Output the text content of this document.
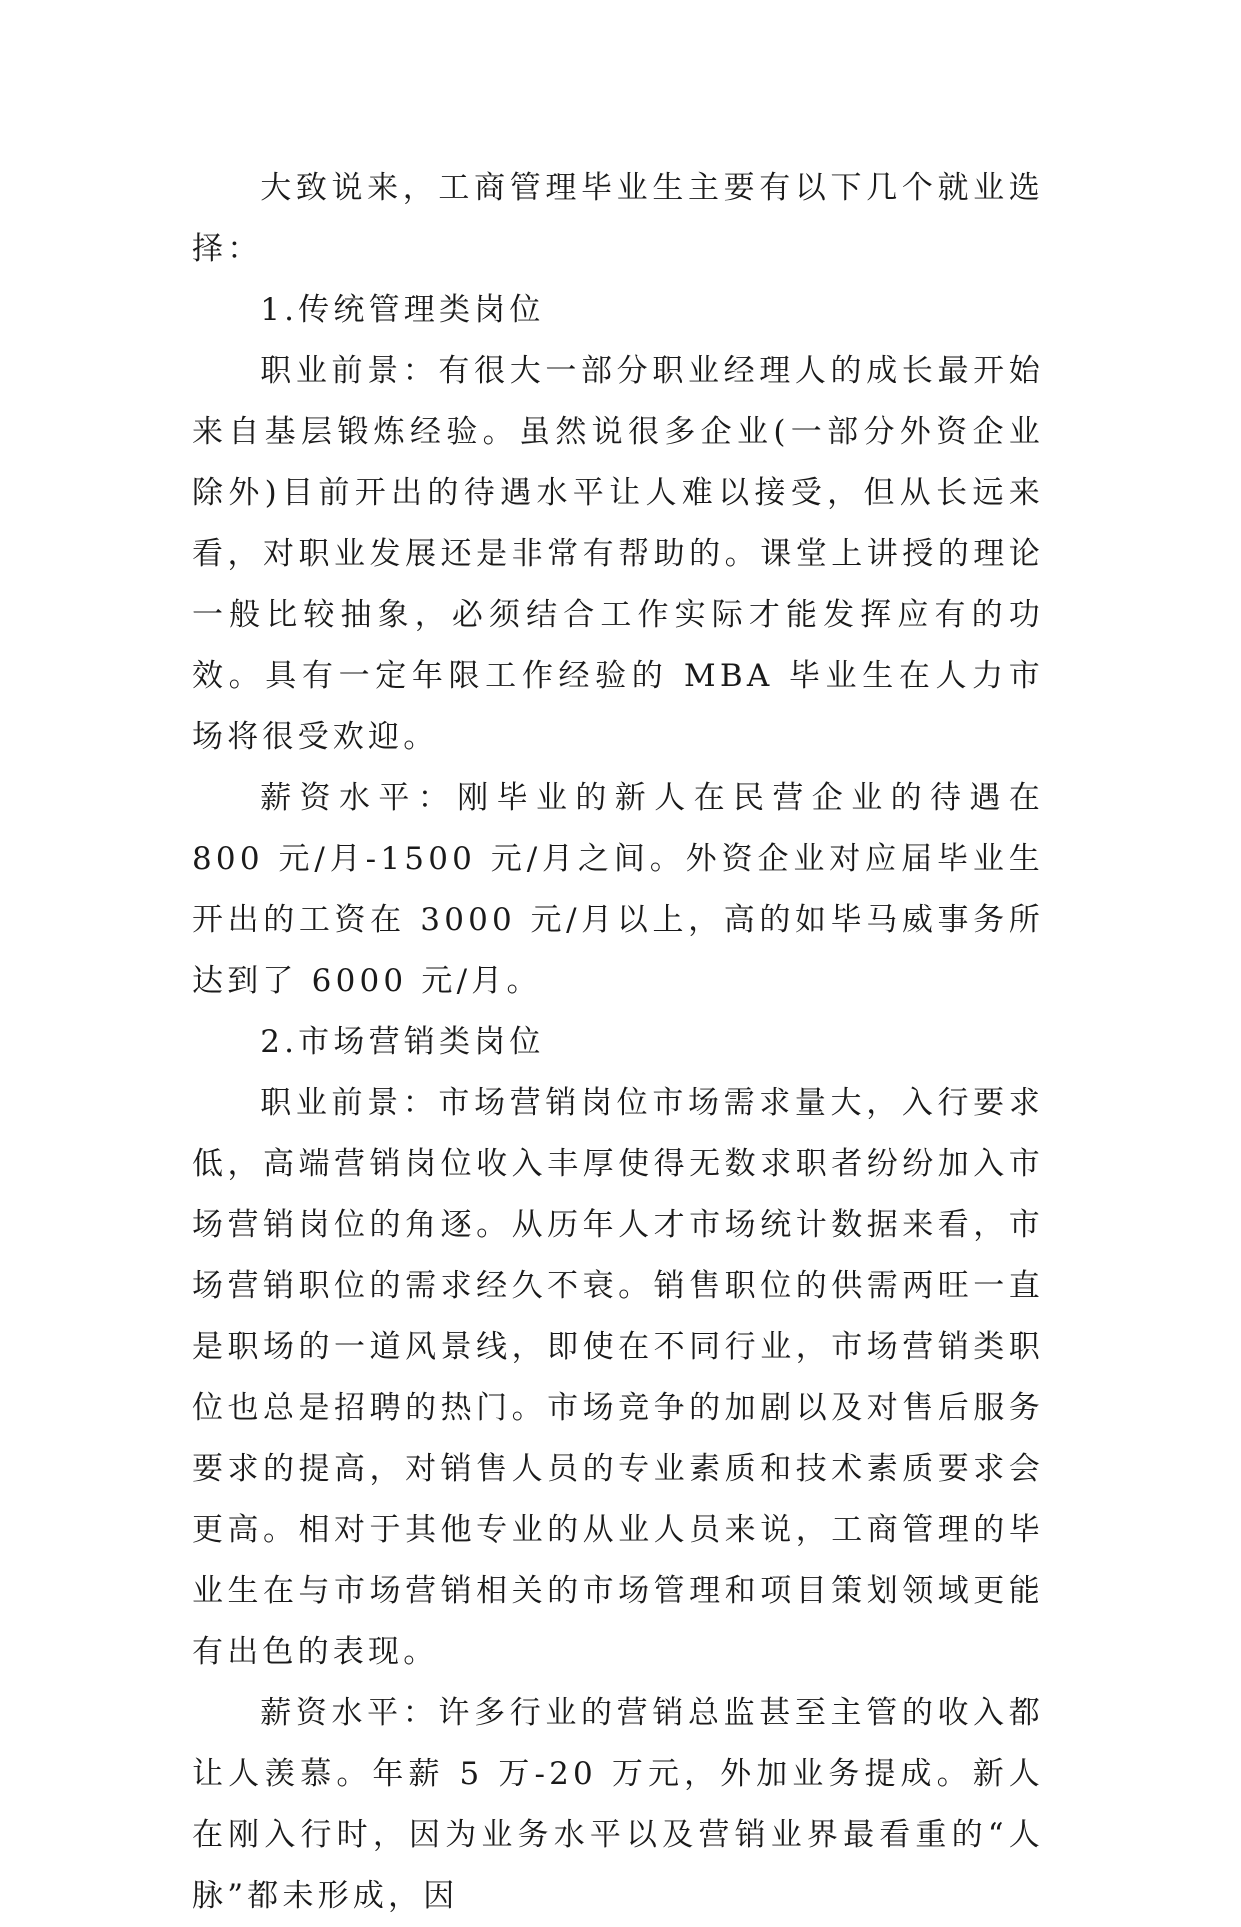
大致说来，工商管理毕业生主要有以下几个就业选择：

1.传统管理类岗位

职业前景：有很大一部分职业经理人的成长最开始来自基层锻炼经验。虽然说很多企业(一部分外资企业除外)目前开出的待遇水平让人难以接受，但从长远来看，对职业发展还是非常有帮助的。课堂上讲授的理论一般比较抽象，必须结合工作实际才能发挥应有的功效。具有一定年限工作经验的 MBA 毕业生在人力市场将很受欢迎。

薪资水平：刚毕业的新人在民营企业的待遇在 800 元/月-1500 元/月之间。外资企业对应届毕业生开出的工资在 3000 元/月以上，高的如毕马威事务所达到了 6000 元/月。

2.市场营销类岗位

职业前景：市场营销岗位市场需求量大，入行要求低，高端营销岗位收入丰厚使得无数求职者纷纷加入市场营销岗位的角逐。从历年人才市场统计数据来看，市场营销职位的需求经久不衰。销售职位的供需两旺一直是职场的一道风景线，即使在不同行业，市场营销类职位也总是招聘的热门。市场竞争的加剧以及对售后服务要求的提高，对销售人员的专业素质和技术素质要求会更高。相对于其他专业的从业人员来说，工商管理的毕业生在与市场营销相关的市场管理和项目策划领域更能有出色的表现。

薪资水平：许多行业的营销总监甚至主管的收入都让人羡慕。年薪 5 万-20 万元，外加业务提成。新人在刚入行时，因为业务水平以及营销业界最看重的“人脉”都未形成，因
